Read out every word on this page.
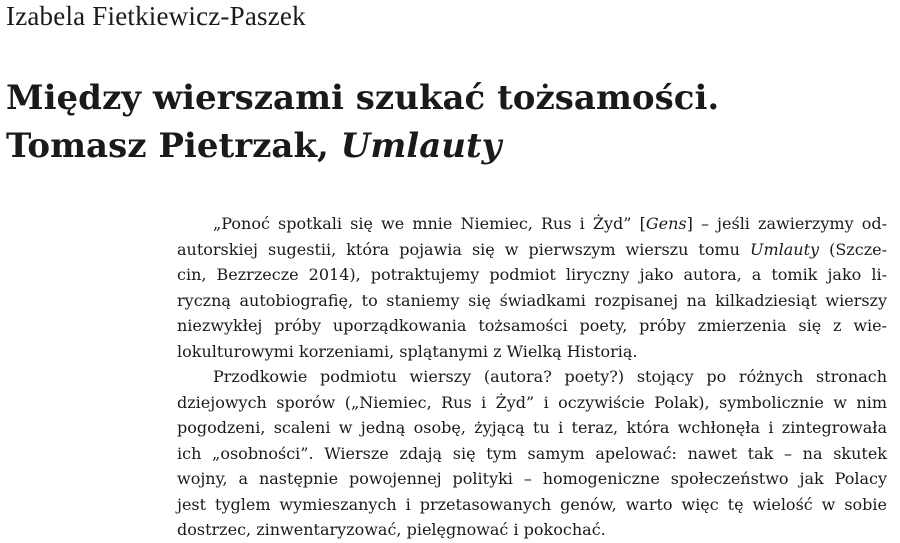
Izabela Fietkiewicz-Paszek
Między wierszami szukać tożsamości.
Tomasz Pietrzak, Umlauty
„Ponoć spotkali się we mnie Niemiec, Rus i Żyd” [Gens] – jeśli zawierzymy od-
autorskiej sugestii, która pojawia się w pierwszym wierszu tomu Umlauty (Szcze-
cin, Bezrzecze 2014), potraktujemy podmiot liryczny jako autora, a tomik jako li-
ryczną autobiografię, to staniemy się świadkami rozpisanej na kilkadziesiąt wierszy
niezwykłej próby uporządkowania tożsamości poety, próby zmierzenia się z wie-
lokulturowymi korzeniami, splątanymi z Wielką Historią.
Przodkowie podmiotu wierszy (autora? poety?) stojący po różnych stronach
dziejowych sporów („Niemiec, Rus i Żyd” i oczywiście Polak), symbolicznie w nim
pogodzeni, scaleni w jedną osobę, żyjącą tu i teraz, która wchłonęła i zintegrowała
ich „osobności”. Wiersze zdają się tym samym apelować: nawet tak – na skutek
wojny, a następnie powojennej polityki – homogeniczne społeczeństwo jak Polacy
jest tyglem wymieszanych i przetasowanych genów, warto więc tę wielość w sobie
dostrzec, zinwentaryzować, pielęgnować i pokochać.
